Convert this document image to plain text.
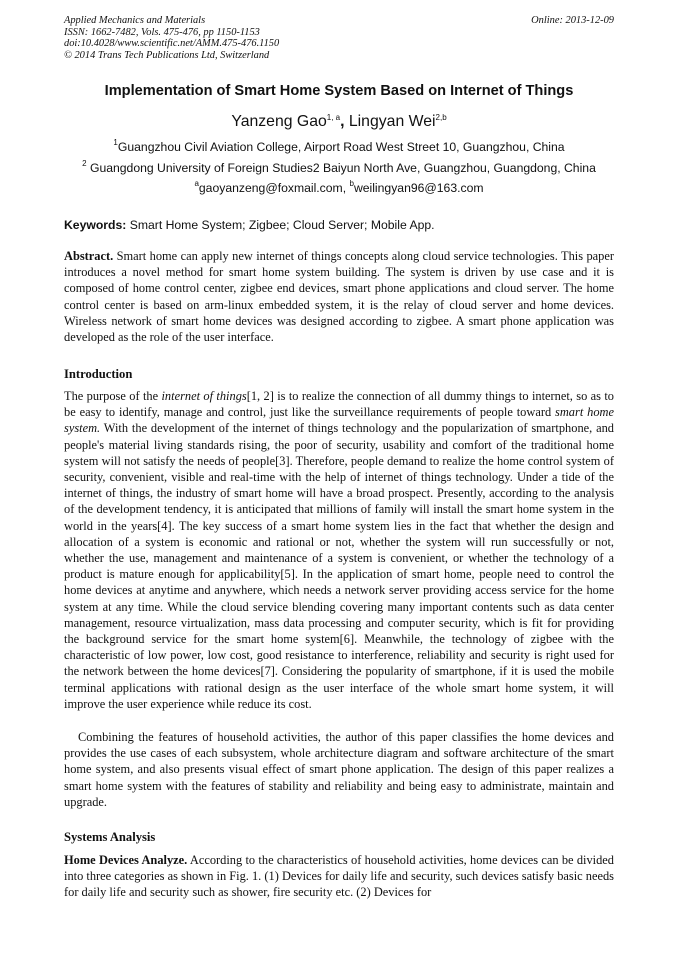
Applied Mechanics and Materials
ISSN: 1662-7482, Vols. 475-476, pp 1150-1153
doi:10.4028/www.scientific.net/AMM.475-476.1150
© 2014 Trans Tech Publications Ltd, Switzerland
Online: 2013-12-09
Implementation of Smart Home System Based on Internet of Things
Yanzeng Gao$^{1, a}$, Lingyan Wei$^{2,b}$
$^1$Guangzhou Civil Aviation College, Airport Road West Street 10, Guangzhou, China
$^2$ Guangdong University of Foreign Studies2 Baiyun North Ave, Guangzhou, Guangdong, China
$^a$gaoyanzeng@foxmail.com, $^b$weilingyan96@163.com
Keywords: Smart Home System; Zigbee; Cloud Server; Mobile App.
Abstract. Smart home can apply new internet of things concepts along cloud service technologies. This paper introduces a novel method for smart home system building. The system is driven by use case and it is composed of home control center, zigbee end devices, smart phone applications and cloud server. The home control center is based on arm-linux embedded system, it is the relay of cloud server and home devices. Wireless network of smart home devices was designed according to zigbee. A smart phone application was developed as the role of the user interface.
Introduction
The purpose of the internet of things[1, 2] is to realize the connection of all dummy things to internet, so as to be easy to identify, manage and control, just like the surveillance requirements of people toward smart home system. With the development of the internet of things technology and the popularization of smartphone, and people's material living standards rising, the poor of security, usability and comfort of the traditional home system will not satisfy the needs of people[3]. Therefore, people demand to realize the home control system of security, convenient, visible and real-time with the help of internet of things technology. Under a tide of the internet of things, the industry of smart home will have a broad prospect. Presently, according to the analysis of the development tendency, it is anticipated that millions of family will install the smart home system in the world in the years[4]. The key success of a smart home system lies in the fact that whether the design and allocation of a system is economic and rational or not, whether the system will run successfully or not, whether the use, management and maintenance of a system is convenient, or whether the technology of a product is mature enough for applicability[5]. In the application of smart home, people need to control the home devices at anytime and anywhere, which needs a network server providing access service for the home system at any time. While the cloud service blending covering many important contents such as data center management, resource virtualization, mass data processing and computer security, which is fit for providing the background service for the smart home system[6]. Meanwhile, the technology of zigbee with the characteristic of low power, low cost, good resistance to interference, reliability and security is right used for the network between the home devices[7]. Considering the popularity of smartphone, if it is used the mobile terminal applications with rational design as the user interface of the whole smart home system, it will improve the user experience while reduce its cost.
Combining the features of household activities, the author of this paper classifies the home devices and provides the use cases of each subsystem, whole architecture diagram and software architecture of the smart home system, and also presents visual effect of smart phone application. The design of this paper realizes a smart home system with the features of stability and reliability and being easy to administrate, maintain and upgrade.
Systems Analysis
Home Devices Analyze. According to the characteristics of household activities, home devices can be divided into three categories as shown in Fig. 1. (1) Devices for daily life and security, such devices satisfy basic needs for daily life and security such as shower, fire security etc. (2) Devices for
